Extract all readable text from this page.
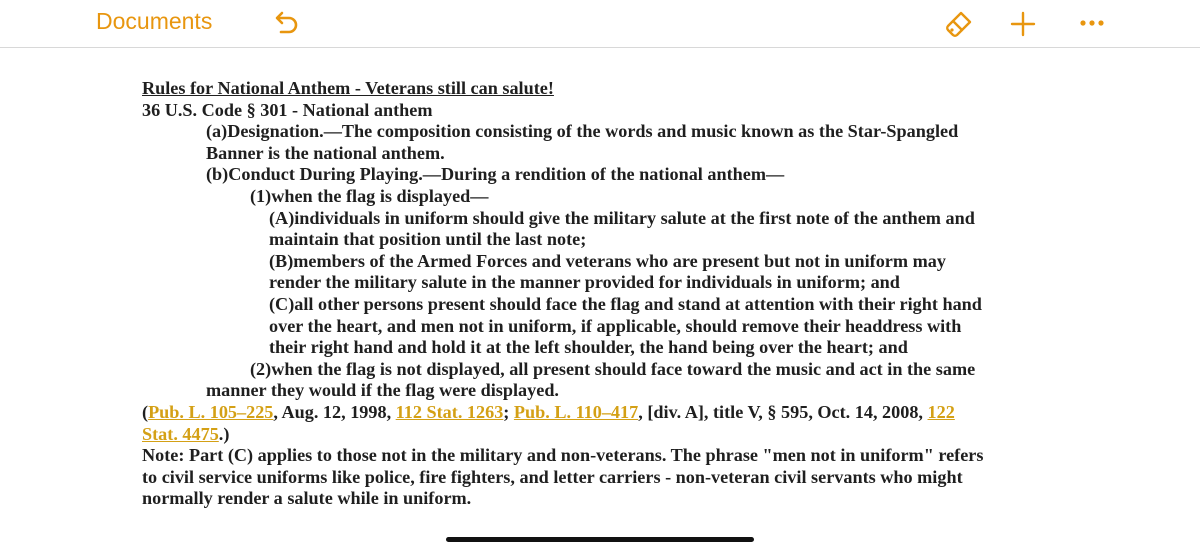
Documents
Rules for National Anthem - Veterans still can salute!
36 U.S. Code § 301 - National anthem
(a)Designation.—The composition consisting of the words and music known as the Star-Spangled
Banner is the national anthem.
(b)Conduct During Playing.—During a rendition of the national anthem—
(1)when the flag is displayed—
(A)individuals in uniform should give the military salute at the first note of the anthem and
maintain that position until the last note;
(B)members of the Armed Forces and veterans who are present but not in uniform may
render the military salute in the manner provided for individuals in uniform; and
(C)all other persons present should face the flag and stand at attention with their right hand
over the heart, and men not in uniform, if applicable, should remove their headdress with
their right hand and hold it at the left shoulder, the hand being over the heart; and
(2)when the flag is not displayed, all present should face toward the music and act in the same
manner they would if the flag were displayed.
(Pub. L. 105–225, Aug. 12, 1998, 112 Stat. 1263; Pub. L. 110–417, [div. A], title V, § 595, Oct. 14, 2008, 122
Stat. 4475.)
Note: Part (C) applies to those not in the military and non-veterans. The phrase "men not in uniform" refers
to civil service uniforms like police, fire fighters, and letter carriers - non-veteran civil servants who might
normally render a salute while in uniform.
